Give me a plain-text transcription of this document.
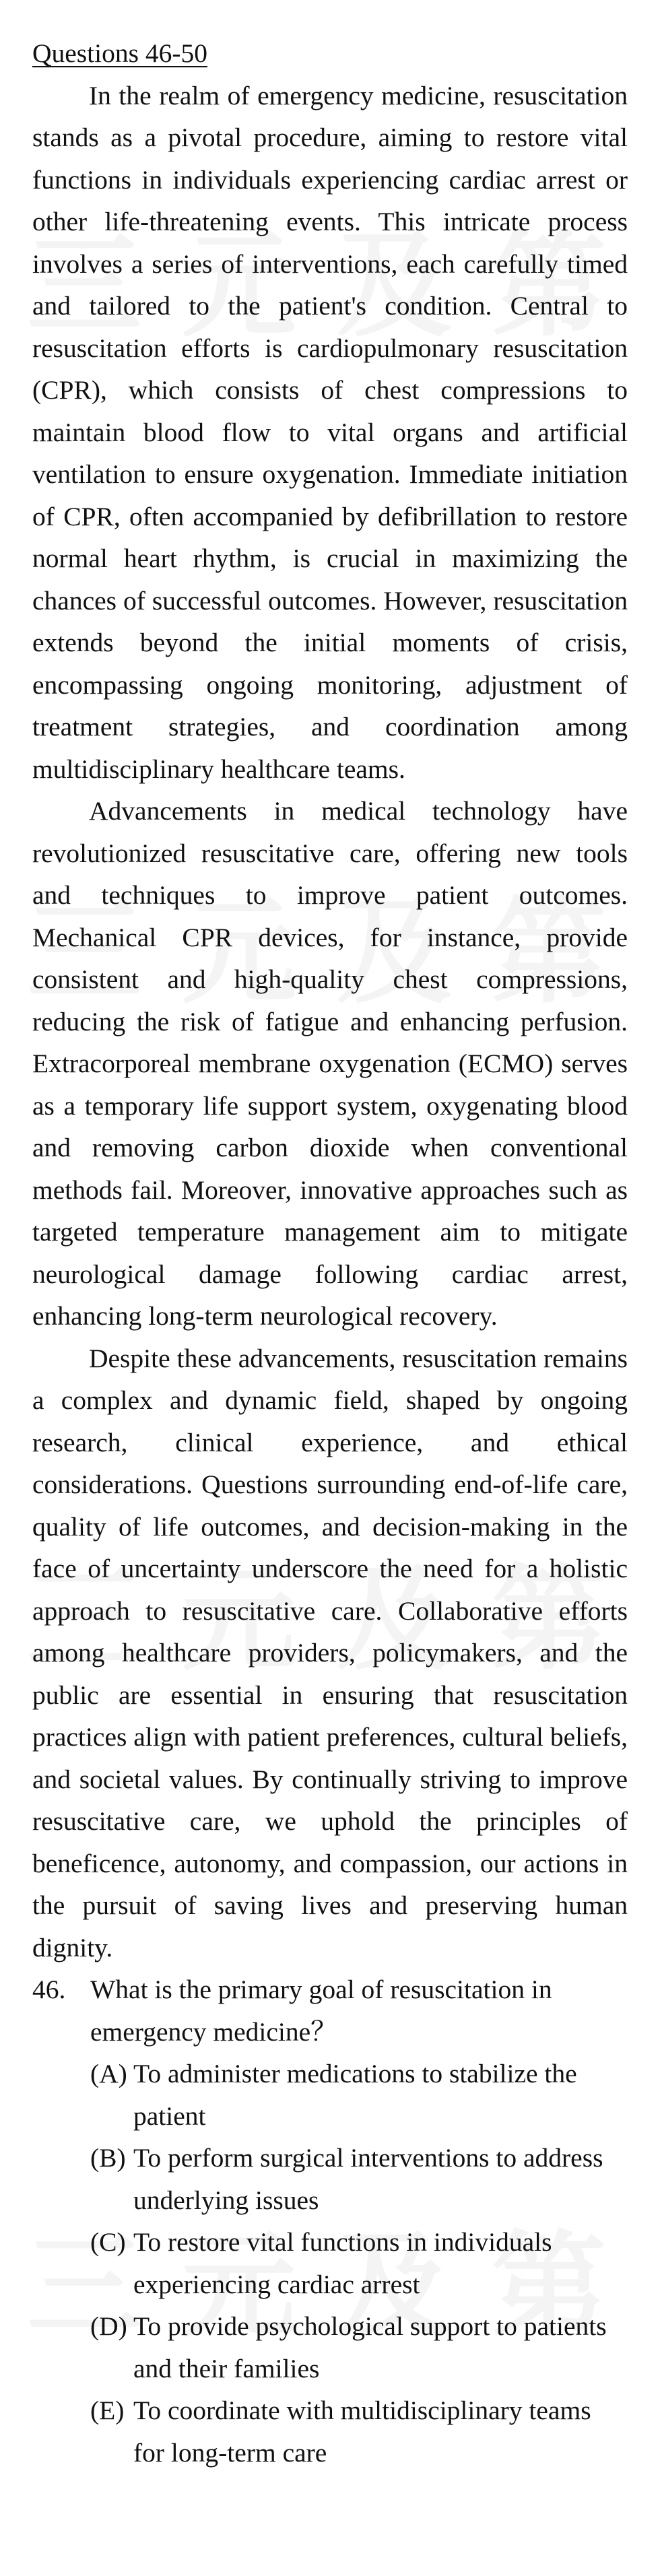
Questions 46-50

In the realm of emergency medicine, resuscitation stands as a pivotal procedure, aiming to restore vital functions in individuals experiencing cardiac arrest or other life-threatening events. This intricate process involves a series of interventions, each carefully timed and tailored to the patient's condition. Central to resuscitation efforts is cardiopulmonary resuscitation (CPR), which consists of chest compressions to maintain blood flow to vital organs and artificial ventilation to ensure oxygenation. Immediate initiation of CPR, often accompanied by defibrillation to restore normal heart rhythm, is crucial in maximizing the chances of successful outcomes. However, resuscitation extends beyond the initial moments of crisis, encompassing ongoing monitoring, adjustment of treatment strategies, and coordination among multidisciplinary healthcare teams.

Advancements in medical technology have revolutionized resuscitative care, offering new tools and techniques to improve patient outcomes. Mechanical CPR devices, for instance, provide consistent and high-quality chest compressions, reducing the risk of fatigue and enhancing perfusion. Extracorporeal membrane oxygenation (ECMO) serves as a temporary life support system, oxygenating blood and removing carbon dioxide when conventional methods fail. Moreover, innovative approaches such as targeted temperature management aim to mitigate neurological damage following cardiac arrest, enhancing long-term neurological recovery.

Despite these advancements, resuscitation remains a complex and dynamic field, shaped by ongoing research, clinical experience, and ethical considerations. Questions surrounding end-of-life care, quality of life outcomes, and decision-making in the face of uncertainty underscore the need for a holistic approach to resuscitative care. Collaborative efforts among healthcare providers, policymakers, and the public are essential in ensuring that resuscitation practices align with patient preferences, cultural beliefs, and societal values. By continually striving to improve resuscitative care, we uphold the principles of beneficence, autonomy, and compassion, our actions in the pursuit of saving lives and preserving human dignity.

46. What is the primary goal of resuscitation in emergency medicine？
(A) To administer medications to stabilize the patient
(B) To perform surgical interventions to address underlying issues
(C) To restore vital functions in individuals experiencing cardiac arrest
(D) To provide psychological support to patients and their families
(E) To coordinate with multidisciplinary teams for long-term care
